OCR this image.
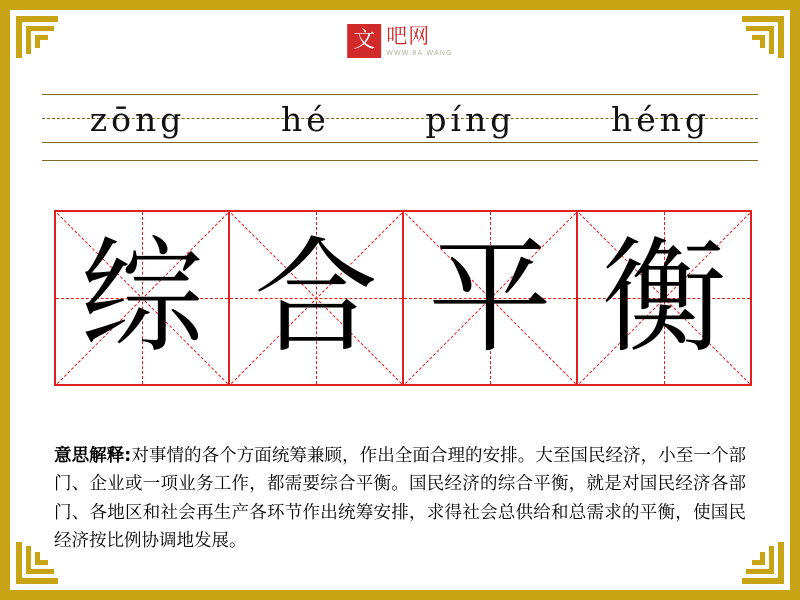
文 吧网
WWW.8A.WANG
zōng	hé	píng	héng
综 合 平 衡
意思解释:对事情的各个方面统筹兼顾，作出全面合理的安排。大至国民经济，小至一个部门、企业或一项业务工作，都需要综合平衡。国民经济的综合平衡，就是对国民经济各部门、各地区和社会再生产各环节作出统筹安排，求得社会总供给和总需求的平衡，使国民经济按比例协调地发展。
